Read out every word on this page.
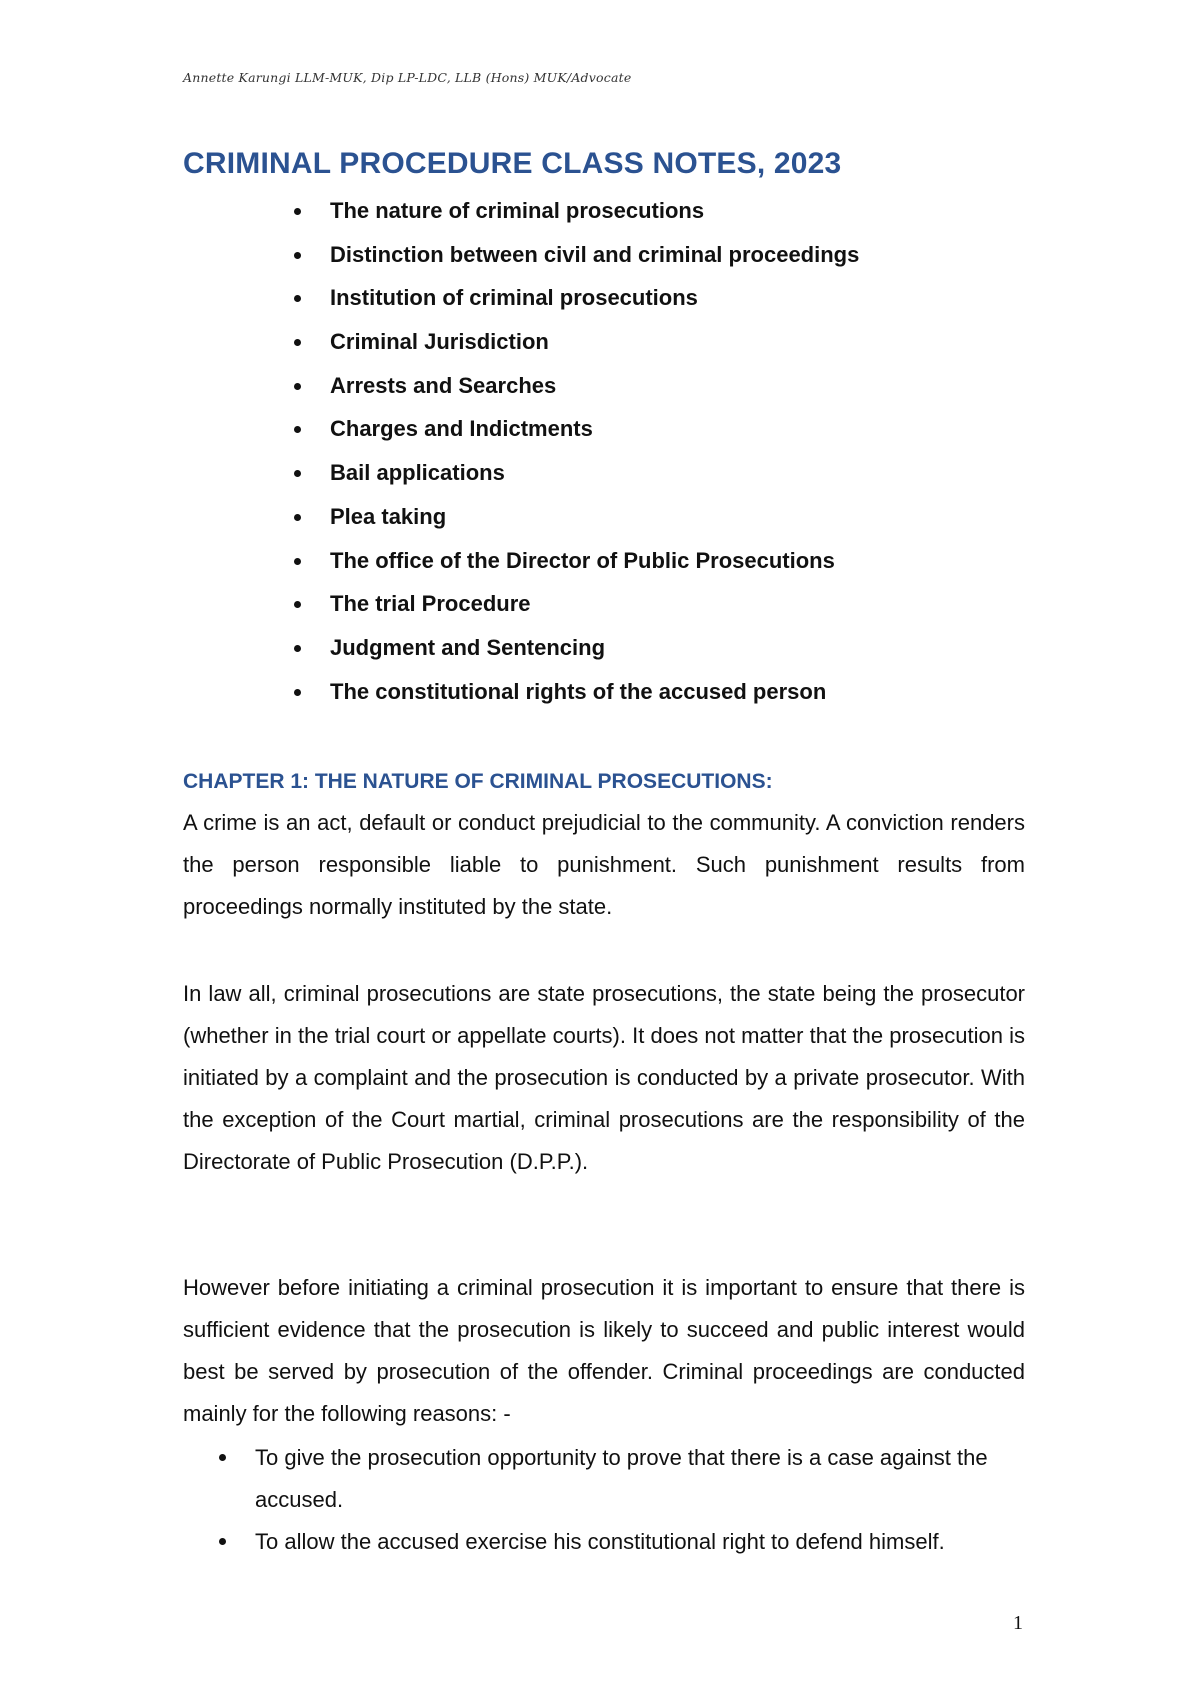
Annette Karungi LLM-MUK, Dip LP-LDC, LLB (Hons) MUK/Advocate
CRIMINAL PROCEDURE CLASS NOTES, 2023
The nature of criminal prosecutions
Distinction between civil and criminal proceedings
Institution of criminal prosecutions
Criminal Jurisdiction
Arrests and Searches
Charges and Indictments
Bail applications
Plea taking
The office of the Director of Public Prosecutions
The trial Procedure
Judgment and Sentencing
The constitutional rights of the accused person
CHAPTER 1: THE NATURE OF CRIMINAL PROSECUTIONS:

A crime is an act, default or conduct prejudicial to the community. A conviction renders the person responsible liable to punishment. Such punishment results from proceedings normally instituted by the state.

In law all, criminal prosecutions are state prosecutions, the state being the prosecutor (whether in the trial court or appellate courts). It does not matter that the prosecution is initiated by a complaint and the prosecution is conducted by a private prosecutor. With the exception of the Court martial, criminal prosecutions are the responsibility of the Directorate of Public Prosecution (D.P.P.).

However before initiating a criminal prosecution it is important to ensure that there is sufficient evidence that the prosecution is likely to succeed and public interest would best be served by prosecution of the offender. Criminal proceedings are conducted mainly for the following reasons: -

To give the prosecution opportunity to prove that there is a case against the accused.
To allow the accused exercise his constitutional right to defend himself.
1
